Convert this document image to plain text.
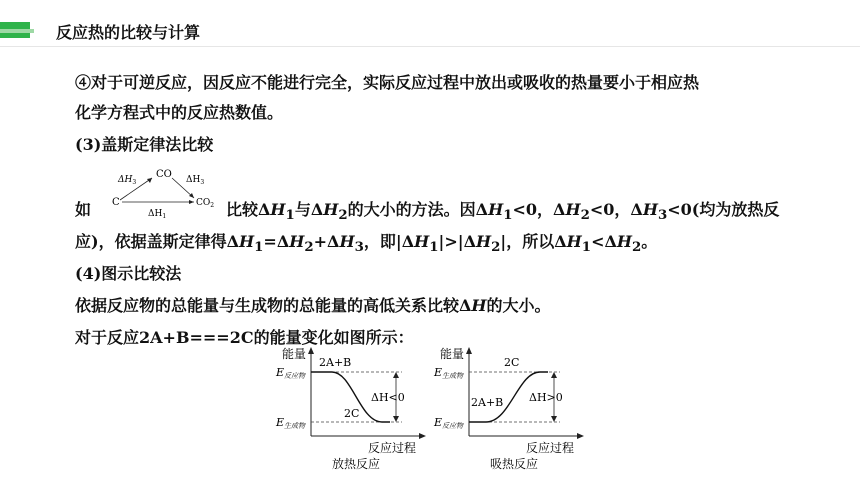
反应热的比较与计算
④对于可逆反应，因反应不能进行完全，实际反应过程中放出或吸收的热量要小于相应热
化学方程式中的反应热数值。
(3)盖斯定律法比较
如
$\Delta H_3$
CO $\Delta H_3$
C	$CO_2$
$\Delta H_1$	比较$\Delta H_1$与$\Delta H_2$的大小的方法。因$\Delta H_1<0$，$\Delta H_2<0$，$\Delta H_3<0$(均为放热反
应)，依据盖斯定律得$\Delta H_1=\Delta H_2+\Delta H_3$，即$|\Delta H_1|>|\Delta H_2|$，所以$\Delta H_1<\Delta H_2$。
(4)图示比较法
依据反应物的总能量与生成物的总能量的高低关系比较ΔH的大小。
对于反应2A+B===2C的能量变化如图所示：
能量
E反应物
E生成物
2A+B
2C
ΔH<0
反应过程
放热反应
能量
E生成物
E反应物
2C
2A+B ΔH>0
反应过程
吸热反应
